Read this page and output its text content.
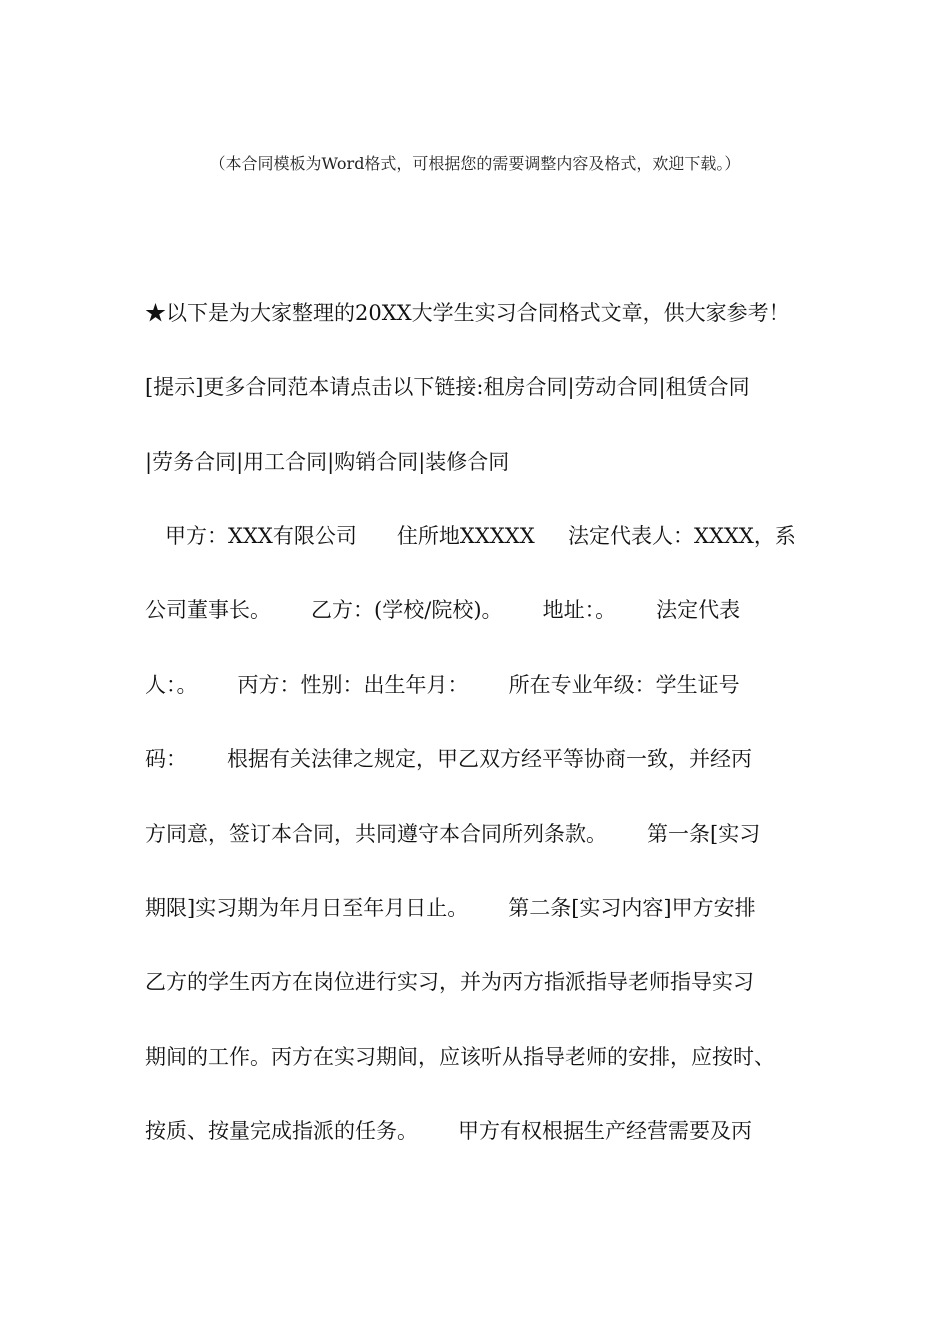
（本合同模板为Word格式，可根据您的需要调整内容及格式，欢迎下载。）
★以下是为大家整理的20XX大学生实习合同格式文章，供大家参考！
[提示]更多合同范本请点击以下链接:租房合同|劳动合同|租赁合同
|劳务合同|用工合同|购销合同|装修合同
甲方：XXX有限公司      住所地XXXXX     法定代表人：XXXX，系
公司董事长。      乙方：(学校/院校)。      地址：。      法定代表
人：。      丙方：性别：出生年月：      所在专业年级：学生证号
码：      根据有关法律之规定，甲乙双方经平等协商一致，并经丙
方同意，签订本合同，共同遵守本合同所列条款。      第一条[实习
期限]实习期为年月日至年月日止。      第二条[实习内容]甲方安排
乙方的学生丙方在岗位进行实习，并为丙方指派指导老师指导实习
期间的工作。丙方在实习期间，应该听从指导老师的安排，应按时、
按质、按量完成指派的任务。      甲方有权根据生产经营需要及丙
